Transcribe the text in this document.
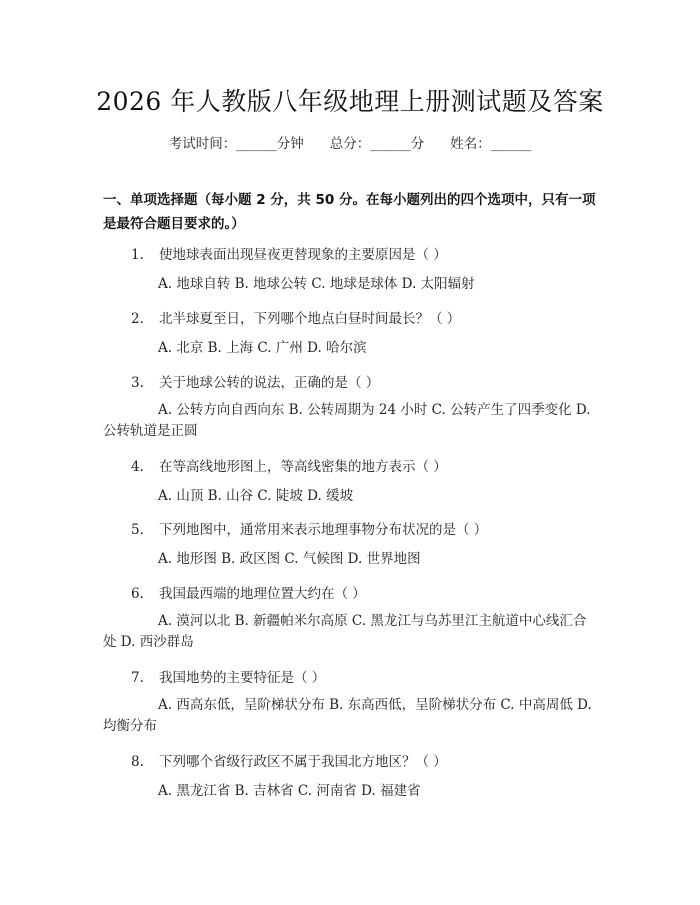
2026 年人教版八年级地理上册测试题及答案
考试时间：______分钟 总分：______分 姓名：______
一、单项选择题（每小题 2 分，共 50 分。在每小题列出的四个选项中，只有一项是最符合题目要求的。）
1. 使地球表面出现昼夜更替现象的主要原因是（ ）
A. 地球自转 B. 地球公转 C. 地球是球体 D. 太阳辐射
2. 北半球夏至日，下列哪个地点白昼时间最长？（ ）
A. 北京 B. 上海 C. 广州 D. 哈尔滨
3. 关于地球公转的说法，正确的是（ ）
A. 公转方向自西向东 B. 公转周期为 24 小时 C. 公转产生了四季变化 D. 公转轨道是正圆
4. 在等高线地形图上，等高线密集的地方表示（ ）
A. 山顶 B. 山谷 C. 陡坡 D. 缓坡
5. 下列地图中，通常用来表示地理事物分布状况的是（ ）
A. 地形图 B. 政区图 C. 气候图 D. 世界地图
6. 我国最西端的地理位置大约在（ ）
A. 漠河以北 B. 新疆帕米尔高原 C. 黑龙江与乌苏里江主航道中心线汇合处 D. 西沙群岛
7. 我国地势的主要特征是（ ）
A. 西高东低，呈阶梯状分布 B. 东高西低，呈阶梯状分布 C. 中高周低 D. 均衡分布
8. 下列哪个省级行政区不属于我国北方地区？（ ）
A. 黑龙江省 B. 吉林省 C. 河南省 D. 福建省
